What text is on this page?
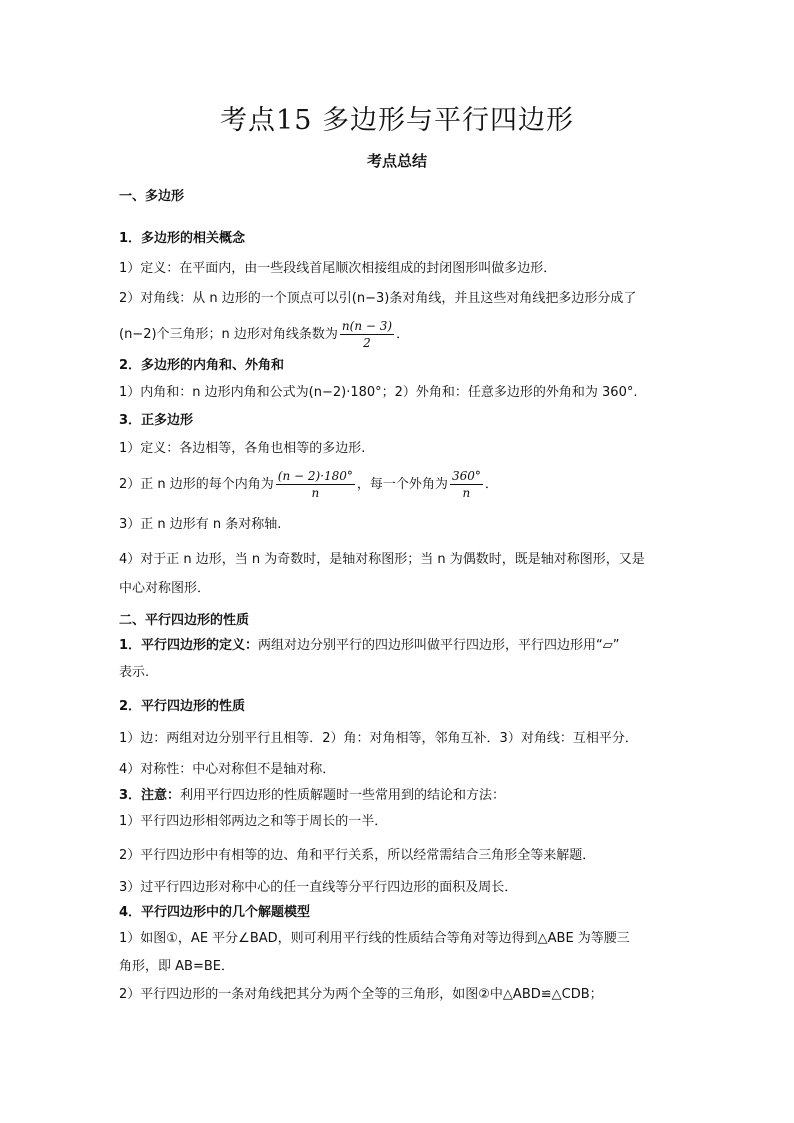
考点15 多边形与平行四边形
考点总结
一、多边形
1．多边形的相关概念
1）定义：在平面内，由一些段线首尾顺次相接组成的封闭图形叫做多边形．
2）对角线：从 n 边形的一个顶点可以引(n−3)条对角线，并且这些对角线把多边形分成了
(n−2)个三角形；n 边形对角线条数为 $\frac{n(n - 3)}{2}$ ．
2．多边形的内角和、外角和
1）内角和：n 边形内角和公式为(n−2)·180°；2）外角和：任意多边形的外角和为 360°.
3．正多边形
1）定义：各边相等，各角也相等的多边形.
2）正 n 边形的每个内角为 $\frac{(n - 2)\cdot 180^\circ}{n}$ ，每一个外角为 $\frac{360^\circ}{n}$ ．
3）正 n 边形有 n 条对称轴.
4）对于正 n 边形，当 n 为奇数时，是轴对称图形；当 n 为偶数时，既是轴对称图形，又是
中心对称图形．
二、平行四边形的性质
1．平行四边形的定义：两组对边分别平行的四边形叫做平行四边形，平行四边形用“▱”
表示.
2．平行四边形的性质
1）边：两组对边分别平行且相等．2）角：对角相等，邻角互补．3）对角线：互相平分．
4）对称性：中心对称但不是轴对称．
3．注意：利用平行四边形的性质解题时一些常用到的结论和方法：
1）平行四边形相邻两边之和等于周长的一半．
2）平行四边形中有相等的边、角和平行关系，所以经常需结合三角形全等来解题．
3）过平行四边形对称中心的任一直线等分平行四边形的面积及周长．
4．平行四边形中的几个解题模型
1）如图①，AE 平分∠BAD，则可利用平行线的性质结合等角对等边得到△ABE 为等腰三
角形，即 AB=BE．
2）平行四边形的一条对角线把其分为两个全等的三角形，如图②中△ABD≌△CDB；
